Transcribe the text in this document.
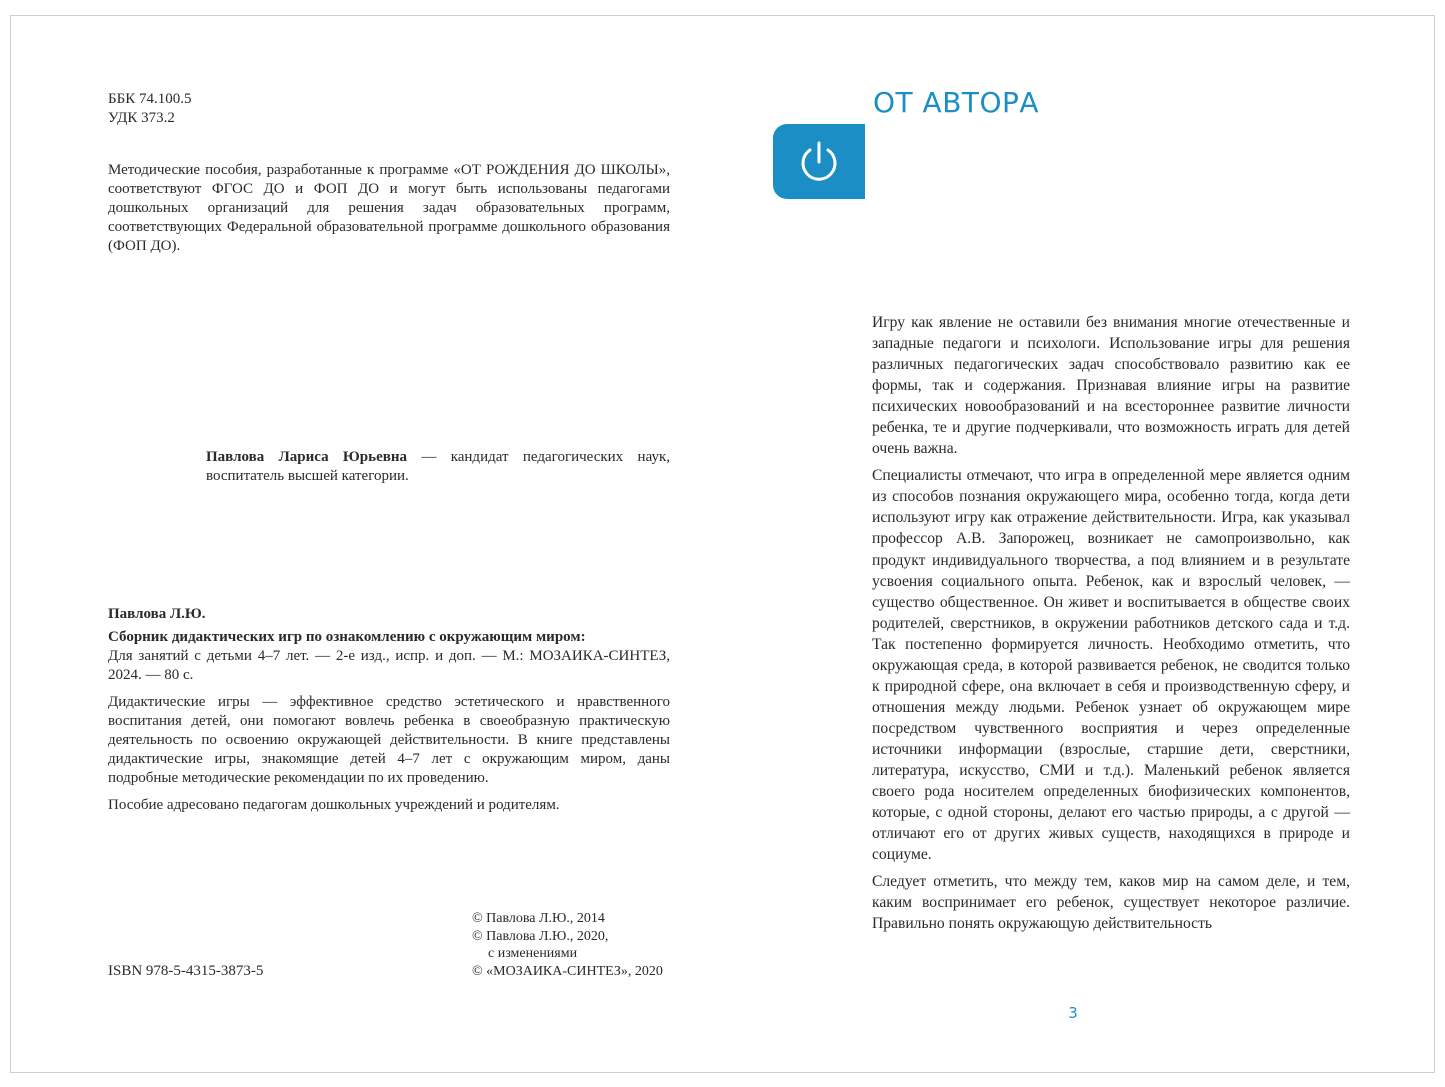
ББК 74.100.5
УДК 373.2
Методические пособия, разработанные к программе «ОТ РОЖДЕНИЯ ДО ШКОЛЫ», соответствуют ФГОС ДО и ФОП ДО и могут быть использованы педагогами дошкольных организаций для решения задач образовательных программ, соответствующих Федеральной образовательной программе дошкольного образования (ФОП ДО).
Павлова Лариса Юрьевна — кандидат педагогических наук, воспитатель высшей категории.

Павлова Л.Ю.

Сборник дидактических игр по ознакомлению с окружающим миром:

Для занятий с детьми 4–7 лет. — 2-е изд., испр. и доп. — М.: МОЗАИКА-СИНТЕЗ, 2024. — 80 с.

Дидактические игры — эффективное средство эстетического и нравственного воспитания детей, они помогают вовлечь ребенка в своеобразную практическую деятельность по освоению окружающей действительности. В книге представлены дидактические игры, знакомящие детей 4–7 лет с окружающим миром, даны подробные методические рекомендации по их проведению.

Пособие адресовано педагогам дошкольных учреждений и родителям.

ISBN 978-5-4315-3873-5
© Павлова Л.Ю., 2014
© Павлова Л.Ю., 2020,
с изменениями
© «МОЗАИКА-СИНТЕЗ», 2020
ОТ АВТОРА

Игру как явление не оставили без внимания многие отечественные и западные педагоги и психологи. Использование игры для решения различных педагогических задач способствовало развитию как ее формы, так и содержания. Признавая влияние игры на развитие психических новообразований и на всестороннее развитие личности ребенка, те и другие подчеркивали, что возможность играть для детей очень важна.

Специалисты отмечают, что игра в определенной мере является одним из способов познания окружающего мира, особенно тогда, когда дети используют игру как отражение действительности. Игра, как указывал профессор А.В. Запорожец, возникает не самопроизвольно, как продукт индивидуального творчества, а под влиянием и в результате усвоения социального опыта. Ребенок, как и взрослый человек, — существо общественное. Он живет и воспитывается в обществе своих родителей, сверстников, в окружении работников детского сада и т.д. Так постепенно формируется личность. Необходимо отметить, что окружающая среда, в которой развивается ребенок, не сводится только к природной сфере, она включает в себя и производственную сферу, и отношения между людьми. Ребенок узнает об окружающем мире посредством чувственного восприятия и через определенные источники информации (взрослые, старшие дети, сверстники, литература, искусство, СМИ и т.д.). Маленький ребенок является своего рода носителем определенных биофизических компонентов, которые, с одной стороны, делают его частью природы, а с другой — отличают его от других живых существ, находящихся в природе и социуме.

Следует отметить, что между тем, каков мир на самом деле, и тем, каким воспринимает его ребенок, существует некоторое различие. Правильно понять окружающую действительность

3
